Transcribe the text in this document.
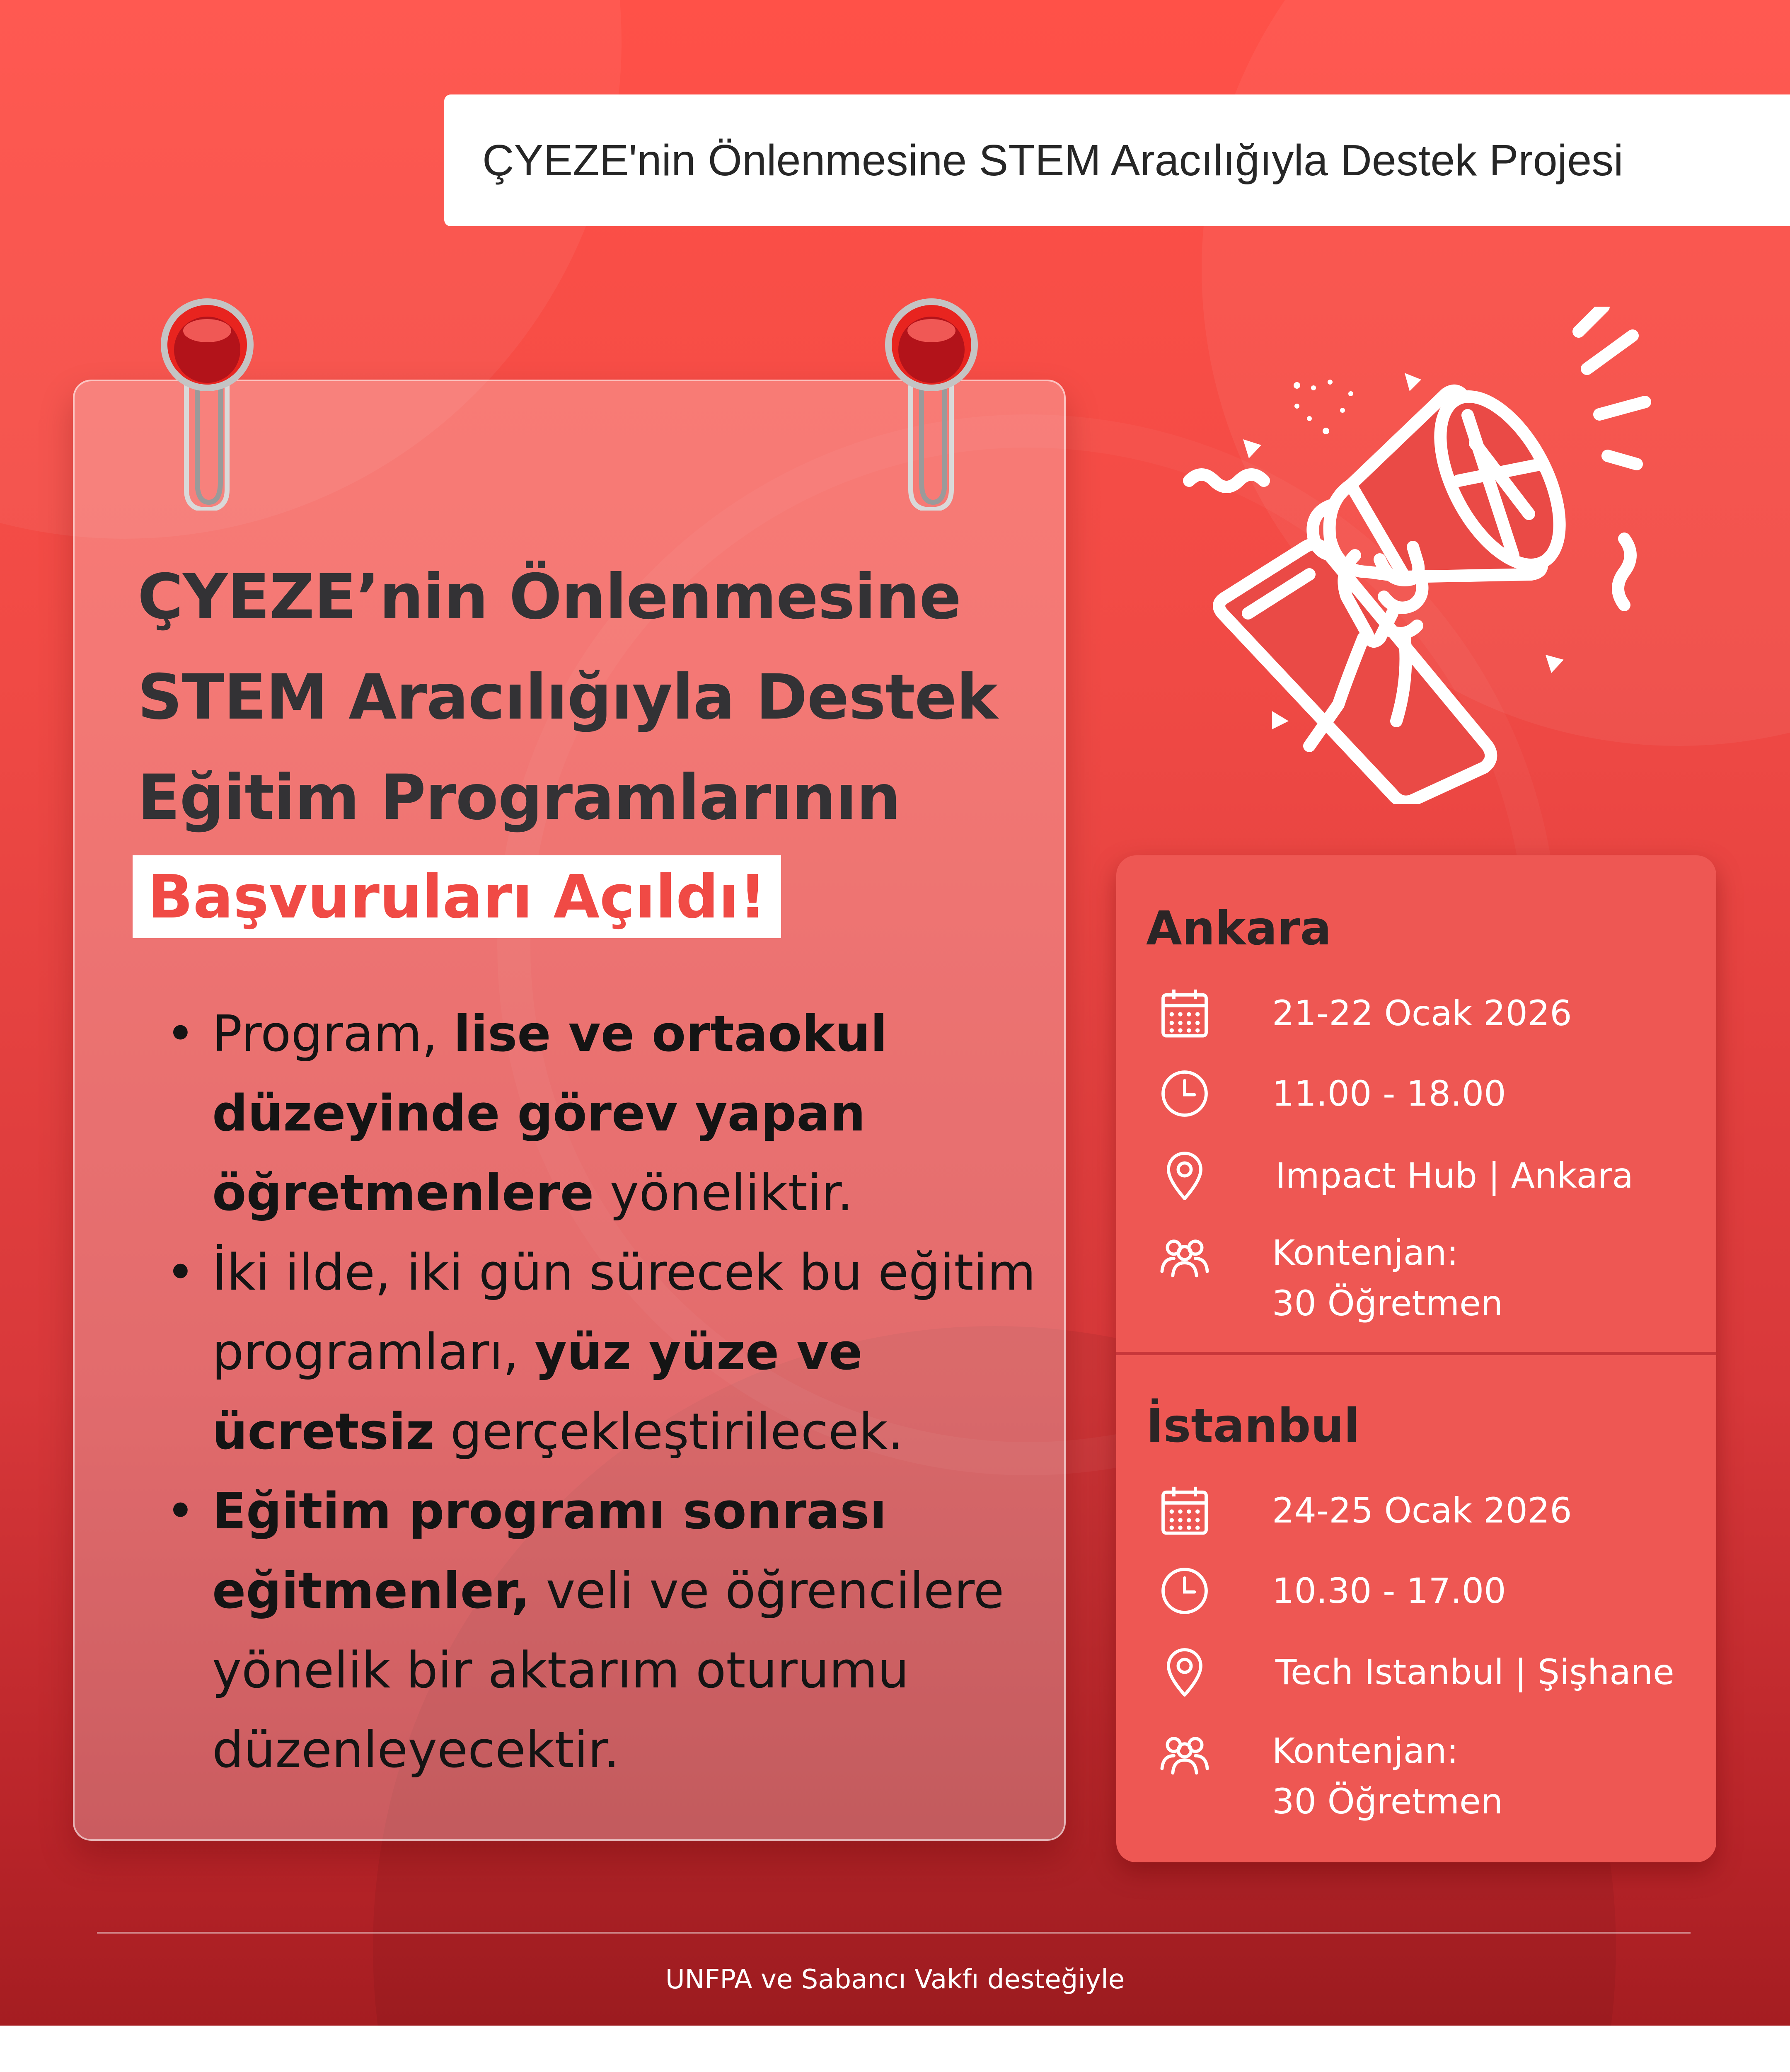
ÇYEZE'nin Önlenmesine STEM Aracılığıyla Destek Projesi
ÇYEZE’nin Önlenmesine
STEM Aracılığıyla Destek
Eğitim Programlarının
Başvuruları Açıldı!
• Program, lise ve ortaokul düzeyinde görev yapan öğretmenlere yöneliktir.
• İki ilde, iki gün sürecek bu eğitim programları, yüz yüze ve ücretsiz gerçekleştirilecek.
• Eğitim programı sonrası eğitmenler, veli ve öğrencilere yönelik bir aktarım oturumu düzenleyecektir.
Ankara
21-22 Ocak 2026
11.00 - 18.00
Impact Hub | Ankara
Kontenjan:
30 Öğretmen
İstanbul
24-25 Ocak 2026
10.30 - 17.00
Tech Istanbul | Şişhane
Kontenjan:
30 Öğretmen
UNFPA ve Sabancı Vakfı desteğiyle
